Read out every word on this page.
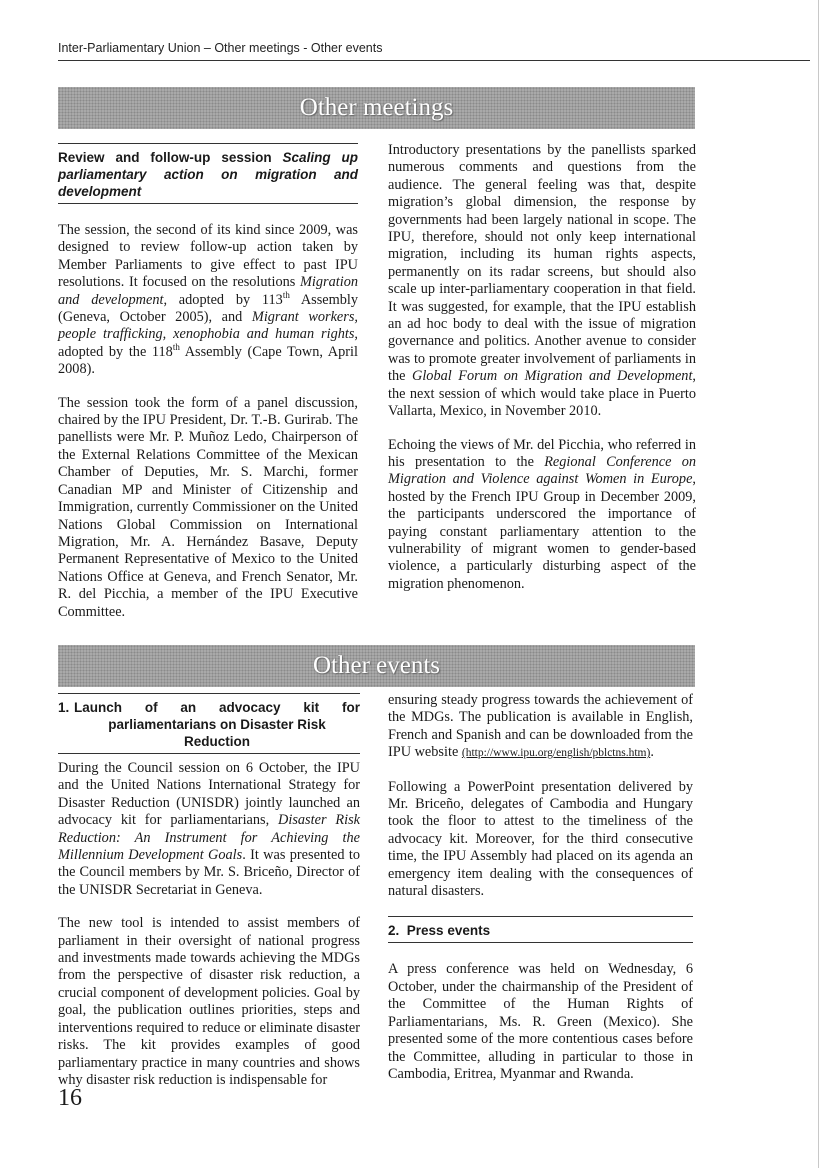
Inter-Parliamentary Union – Other meetings - Other events
Other meetings
Review and follow-up session Scaling up parliamentary action on migration and development

The session, the second of its kind since 2009, was designed to review follow-up action taken by Member Parliaments to give effect to past IPU resolutions. It focused on the resolutions Migration and development, adopted by 113th Assembly (Geneva, October 2005), and Migrant workers, people trafficking, xenophobia and human rights, adopted by the 118th Assembly (Cape Town, April 2008).

The session took the form of a panel discussion, chaired by the IPU President, Dr. T.-B. Gurirab. The panellists were Mr. P. Muñoz Ledo, Chairperson of the External Relations Committee of the Mexican Chamber of Deputies, Mr. S. Marchi, former Canadian MP and Minister of Citizenship and Immigration, currently Commissioner on the United Nations Global Commission on International Migration, Mr. A. Hernández Basave, Deputy Permanent Representative of Mexico to the United Nations Office at Geneva, and French Senator, Mr. R. del Picchia, a member of the IPU Executive Committee.

Introductory presentations by the panellists sparked numerous comments and questions from the audience. The general feeling was that, despite migration’s global dimension, the response by governments had been largely national in scope. The IPU, therefore, should not only keep international migration, including its human rights aspects, permanently on its radar screens, but should also scale up inter-parliamentary cooperation in that field. It was suggested, for example, that the IPU establish an ad hoc body to deal with the issue of migration governance and politics. Another avenue to consider was to promote greater involvement of parliaments in the Global Forum on Migration and Development, the next session of which would take place in Puerto Vallarta, Mexico, in November 2010.

Echoing the views of Mr. del Picchia, who referred in his presentation to the Regional Conference on Migration and Violence against Women in Europe, hosted by the French IPU Group in December 2009, the participants underscored the importance of paying constant parliamentary attention to the vulnerability of migrant women to gender-based violence, a particularly disturbing aspect of the migration phenomenon.

Other events
1. Launch of an advocacy kit for
parliamentarians on Disaster Risk Reduction

During the Council session on 6 October, the IPU and the United Nations International Strategy for Disaster Reduction (UNISDR) jointly launched an advocacy kit for parliamentarians, Disaster Risk Reduction: An Instrument for Achieving the Millennium Development Goals. It was presented to the Council members by Mr. S. Briceño, Director of the UNISDR Secretariat in Geneva.

The new tool is intended to assist members of parliament in their oversight of national progress and investments made towards achieving the MDGs from the perspective of disaster risk reduction, a crucial component of development policies. Goal by goal, the publication outlines priorities, steps and interventions required to reduce or eliminate disaster risks. The kit provides examples of good parliamentary practice in many countries and shows why disaster risk reduction is indispensable for

ensuring steady progress towards the achievement of the MDGs. The publication is available in English, French and Spanish and can be downloaded from the IPU website (http://www.ipu.org/english/pblctns.htm).

Following a PowerPoint presentation delivered by Mr. Briceño, delegates of Cambodia and Hungary took the floor to attest to the timeliness of the advocacy kit. Moreover, for the third consecutive time, the IPU Assembly had placed on its agenda an emergency item dealing with the consequences of natural disasters.

2. Press events

A press conference was held on Wednesday, 6 October, under the chairmanship of the President of the Committee of the Human Rights of Parliamentarians, Ms. R. Green (Mexico). She presented some of the more contentious cases before the Committee, alluding in particular to those in Cambodia, Eritrea, Myanmar and Rwanda.

16
